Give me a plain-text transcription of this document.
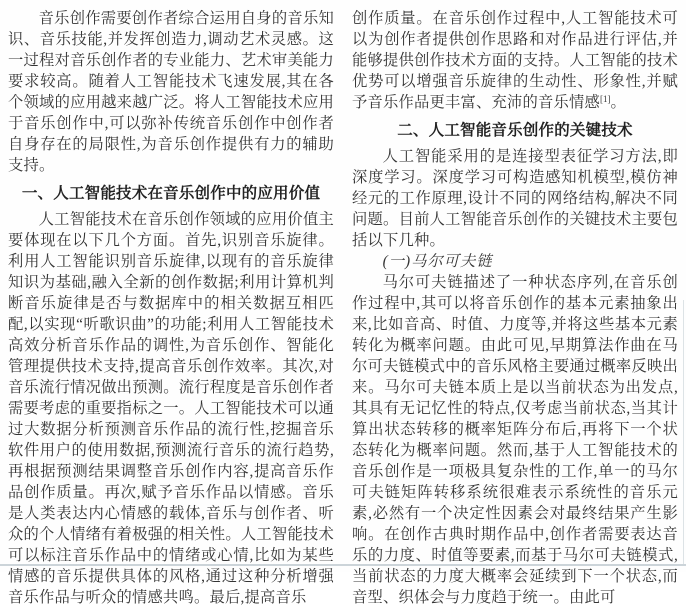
音乐创作需要创作者综合运用自身的音乐知识、音乐技能,并发挥创造力,调动艺术灵感。这一过程对音乐创作者的专业能力、艺术审美能力要求较高。随着人工智能技术飞速发展,其在各个领域的应用越来越广泛。将人工智能技术应用于音乐创作中,可以弥补传统音乐创作中创作者自身存在的局限性,为音乐创作提供有力的辅助支持。

一、人工智能技术在音乐创作中的应用价值

人工智能技术在音乐创作领域的应用价值主要体现在以下几个方面。首先,识别音乐旋律。利用人工智能识别音乐旋律,以现有的音乐旋律知识为基础,融入全新的创作数据;利用计算机判断音乐旋律是否与数据库中的相关数据互相匹配,以实现“听歌识曲”的功能;利用人工智能技术高效分析音乐作品的调性,为音乐创作、智能化管理提供技术支持,提高音乐创作效率。其次,对音乐流行情况做出预测。流行程度是音乐创作者需要考虑的重要指标之一。人工智能技术可以通过大数据分析预测音乐作品的流行性,挖掘音乐软件用户的使用数据,预测流行音乐的流行趋势,再根据预测结果调整音乐创作内容,提高音乐作品创作质量。再次,赋予音乐作品以情感。音乐是人类表达内心情感的载体,音乐与创作者、听众的个人情绪有着极强的相关性。人工智能技术可以标注音乐作品中的情绪或心情,比如为某些情感的音乐提供具体的风格,通过这种分析增强音乐作品与听众的情感共鸣。最后,提高音乐

创作质量。在音乐创作过程中,人工智能技术可以为创作者提供创作思路和对作品进行评估,并能够提供创作技术方面的支持。人工智能的技术优势可以增强音乐旋律的生动性、形象性,并赋予音乐作品更丰富、充沛的音乐情感[1]。

二、人工智能音乐创作的关键技术

人工智能采用的是连接型表征学习方法,即深度学习。深度学习可构造感知机模型,模仿神经元的工作原理,设计不同的网络结构,解决不同问题。目前人工智能音乐创作的关键技术主要包括以下几种。

(一)马尔可夫链

马尔可夫链描述了一种状态序列,在音乐创作过程中,其可以将音乐创作的基本元素抽象出来,比如音高、时值、力度等,并将这些基本元素转化为概率问题。由此可见,早期算法作曲在马尔可夫链模式中的音乐风格主要通过概率反映出来。马尔可夫链本质上是以当前状态为出发点,其具有无记忆性的特点,仅考虑当前状态,当其计算出状态转移的概率矩阵分布后,再将下一个状态转化为概率问题。然而,基于人工智能技术的音乐创作是一项极具复杂性的工作,单一的马尔可夫链矩阵转移系统很难表示系统性的音乐元素,必然有一个决定性因素会对最终结果产生影响。在创作古典时期作品中,创作者需要表达音乐的力度、时值等要素,而基于马尔可夫链模式,当前状态的力度大概率会延续到下一个状态,而音型、织体会与力度趋于统一。由此可
